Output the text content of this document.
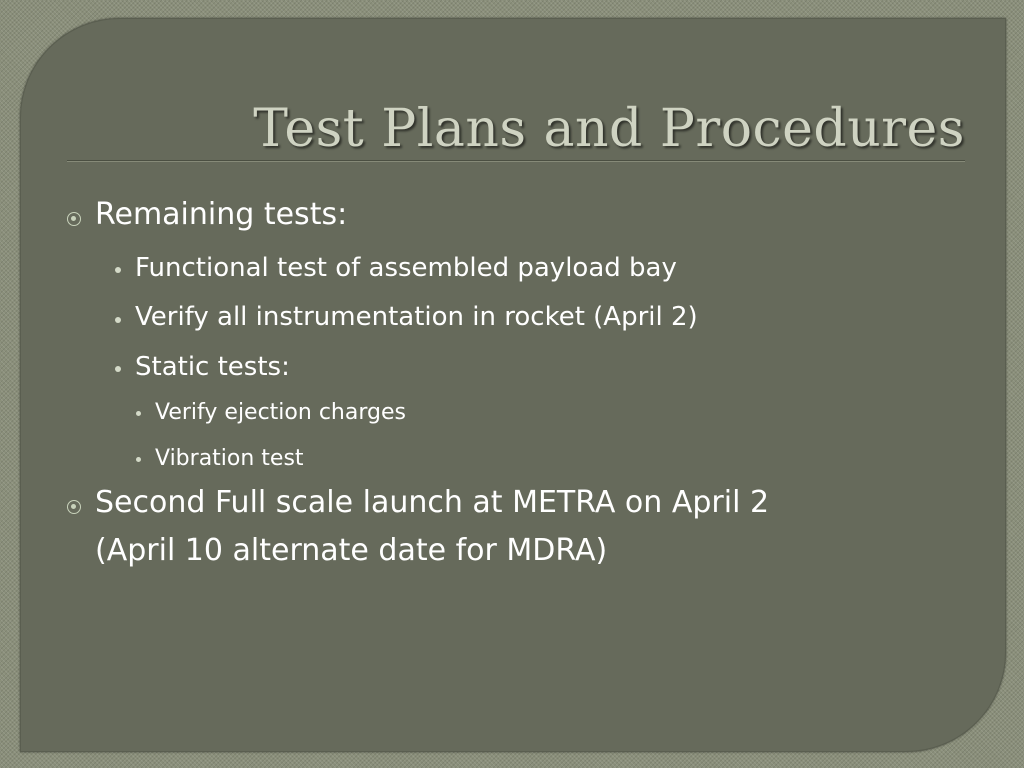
Test Plans and Procedures
Remaining tests:
Functional test of assembled payload bay
Verify all instrumentation in rocket (April 2)
Static tests:
Verify ejection charges
Vibration test
Second Full scale launch at METRA on April 2
(April 10 alternate date for MDRA)
